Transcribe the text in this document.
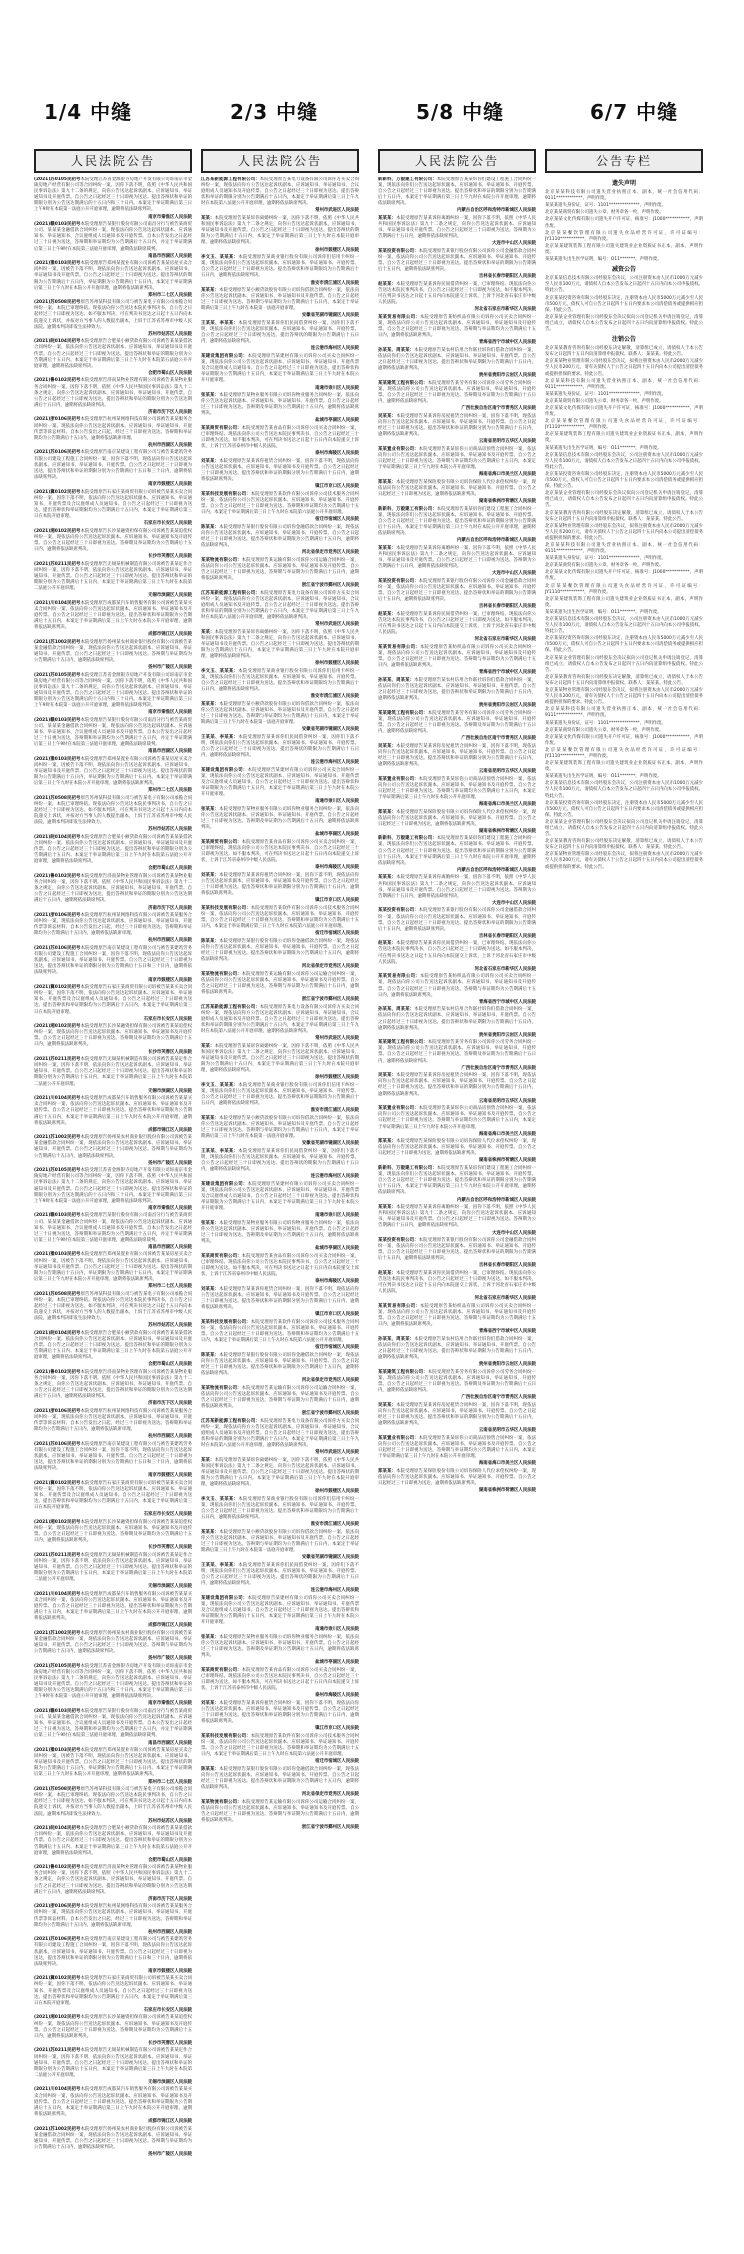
1/4 中缝	2/3 中缝	5/8 中缝	6/7 中缝
人民法院公告

(2021)苏0105民初号本院受理江苏省金源银寺房地产开发有限公司诉南京市金陵房地产经营有限公司等合同纠纷一案，因你下落不明，依照《中华人民共和国民事诉讼法》第九十二条的规定，向你公告送达起诉状副本、应诉通知书、举证通知书及开庭传票。自公告之日起经过三十日即视为送达。提出答辩状和举证的期限分别为公告送达期满后的十五日内和三十日内。本案定于举证期满后第三日上午9时在本院第一法庭公开开庭审理，逾期将依法缺席判决。

南京市秦淮区人民法院

(2021)赣0103民初号本院受理原告某银行股份有限公司南昌分行与被告某商贸公司、某某某金融借款合同纠纷一案，现依法向你公告送达起诉状副本、应诉通知书、举证通知书、合议庭组成人员通知书及开庭传票。自本公告发出之日起经过三十日视为送达，答辩期和举证期均为公告期满后十五日内，并定于举证期满后第三日上午9时在本院第三法庭开庭审理，逾期依法缺席裁判。

南昌市西湖区人民法院

(2021)豫0103民初号本院受理原告郑州某置业有限公司诉被告某某房屋买卖合同纠纷一案，因被告下落不明，现依法向你公告送达起诉状副本、应诉通知书、举证通知书及开庭传票。自公告之日起经过三十日即视为送达。提出答辩状的期限为公告期满后十五日内，举证期限为公告期满后十五日内。本案定于举证期满后第三日上午九时在本院公开开庭审理，逾期将依法缺席判决。

郑州市二七区人民法院

(2021)苏0508民初号原告苏州某科技有限公司与被告某电子有限公司承揽合同纠纷一案，本院已审理终结。现依法向你公告送达本院民事判决书，自公告之日起经过三十日即视为送达。如不服本判决，可在判决书送达之日起十五日内向本院递交上诉状，并按对方当事人的人数提出副本，上诉于江苏省苏州市中级人民法院。逾期本判决即发生法律效力。

苏州市姑苏区人民法院

(2021)皖0104民初号本院受理原告合肥某小额贷款有限公司诉被告某某某借款合同纠纷一案，依法向你公告送达起诉状副本、应诉通知书、举证通知书及开庭传票。自公告之日起经过三十日即视为送达。提出答辩状和举证的期限分别为公告期满后十五日内。本案定于举证期满后第三日上午九时在本院第五法庭公开开庭审理，逾期将依法缺席判决。

合肥市蜀山区人民法院

(2021)鲁0102民初号本院受理原告济南某物业管理有限公司诉被告某某物业服务合同纠纷一案，因你下落不明，依照《中华人民共和国民事诉讼法》第九十二条之规定，向你公告送达起诉状副本、应诉通知书、举证通知书、开庭传票。自公告之日起经过三十日即视为送达，提出答辩状和举证的期限分别为公告送达期满后十五日内，逾期将依法缺席判决。

济南市历下区人民法院

(2021)浙0106民初号本院受理原告杭州某网络科技有限公司诉被告某某服务合同纠纷一案，现依法向你公告送达起诉状副本、应诉通知书、举证通知书、开庭传票等诉讼材料。自本公告发出之日起，经过三十日即视为送达。答辩期和举证期均为公告期满后十五日内，逾期将依法缺席审理。

杭州市西湖区人民法院

(2021)苏0106民初号本院受理原告南京某建设工程有限公司与被告某建筑劳务有限公司建设工程施工合同纠纷一案，因你下落不明，现依法向你公告送达起诉状副本、应诉通知书、举证通知书、开庭传票。自公告之日起经过三十日即视为送达，提出答辩状和举证的期限分别为公告期满后十五日和三十日内，逾期将依法缺席判决。

南京市鼓楼区人民法院

(2021)冀0102民初号本院受理原告石家庄某商贸有限公司诉被告某某买卖合同纠纷一案，因你下落不明，依法向你公告送达起诉状副本、应诉通知书、举证通知书、开庭传票及合议庭组成人员通知书。自公告之日起经过三十日即视为送达。提出答辩状和举证期限均为公告期满后十五日内，本案定于举证期满后第三日在本院开庭审理。

石家庄市长安区人民法院

(2021)湘0102民初号本院受理原告长沙某融资担保有限公司诉被告某某追偿权纠纷一案，现依法向你公告送达起诉状副本、应诉通知书、举证通知书及开庭传票。自公告之日起经过三十日即视为送达。答辩期及举证期均为公告期满后十五日内，逾期将依法缺席判决。

长沙市芙蓉区人民法院

(2021)苏0211民初号本院受理原告无锡某机械制造有限公司诉被告某某定作合同纠纷一案，因你下落不明，依法向你公告送达起诉状副本、应诉通知书、举证通知书、开庭传票。自公告之日起经过三十日即视为送达。提出答辩状和举证的期限分别为公告期满后十五日内，本案定于举证期满后第三日上午九时在本院第二法庭公开开庭审理。

无锡市滨湖区人民法院

(2021)川0104民初号本院受理原告成都某汽车销售服务有限公司诉被告某某买卖合同纠纷一案，依法向你公告送达起诉状副本、应诉通知书、举证通知书及开庭传票。自公告之日起经过三十日即视为送达。提出答辩状和举证期限为公告期满后十五日内，本案定于举证期满后第三日上午九时在本院公开开庭审理，逾期将依法缺席判决。

成都市锦江区人民法院

(2021)苏1002民初号本院受理原告扬州某农村商业银行股份有限公司诉被告某某金融借款合同纠纷一案，现依法向你公告送达起诉状副本、应诉通知书、举证通知书、开庭传票。自公告之日起经过三十日即视为送达。答辩期与举证期均为公告期满后十五日内，逾期依法缺席判决。

扬州市广陵区人民法院

(2021)苏0105民初号本院受理江苏省金源银寺房地产开发有限公司诉南京市金陵房地产经营有限公司等合同纠纷一案，因你下落不明，依照《中华人民共和国民事诉讼法》第九十二条的规定，向你公告送达起诉状副本、应诉通知书、举证通知书及开庭传票。自公告之日起经过三十日即视为送达。提出答辩状和举证的期限分别为公告送达期满后的十五日内和三十日内。本案定于举证期满后第三日上午9时在本院第一法庭公开开庭审理，逾期将依法缺席判决。

南京市秦淮区人民法院

(2021)赣0103民初号本院受理原告某银行股份有限公司南昌分行与被告某商贸公司、某某某金融借款合同纠纷一案，现依法向你公告送达起诉状副本、应诉通知书、举证通知书、合议庭组成人员通知书及开庭传票。自本公告发出之日起经过三十日视为送达，答辩期和举证期均为公告期满后十五日内，并定于举证期满后第三日上午9时在本院第三法庭开庭审理，逾期依法缺席裁判。

南昌市西湖区人民法院

(2021)豫0103民初号本院受理原告郑州某置业有限公司诉被告某某房屋买卖合同纠纷一案，因被告下落不明，现依法向你公告送达起诉状副本、应诉通知书、举证通知书及开庭传票。自公告之日起经过三十日即视为送达。提出答辩状的期限为公告期满后十五日内，举证期限为公告期满后十五日内。本案定于举证期满后第三日上午九时在本院公开开庭审理，逾期将依法缺席判决。

郑州市二七区人民法院

(2021)苏0508民初号原告苏州某科技有限公司与被告某电子有限公司承揽合同纠纷一案，本院已审理终结。现依法向你公告送达本院民事判决书，自公告之日起经过三十日即视为送达。如不服本判决，可在判决书送达之日起十五日内向本院递交上诉状，并按对方当事人的人数提出副本，上诉于江苏省苏州市中级人民法院。逾期本判决即发生法律效力。

苏州市姑苏区人民法院

(2021)皖0104民初号本院受理原告合肥某小额贷款有限公司诉被告某某某借款合同纠纷一案，依法向你公告送达起诉状副本、应诉通知书、举证通知书及开庭传票。自公告之日起经过三十日即视为送达。提出答辩状和举证的期限分别为公告期满后十五日内。本案定于举证期满后第三日上午九时在本院第五法庭公开开庭审理，逾期将依法缺席判决。

合肥市蜀山区人民法院

(2021)鲁0102民初号本院受理原告济南某物业管理有限公司诉被告某某物业服务合同纠纷一案，因你下落不明，依照《中华人民共和国民事诉讼法》第九十二条之规定，向你公告送达起诉状副本、应诉通知书、举证通知书、开庭传票。自公告之日起经过三十日即视为送达，提出答辩状和举证的期限分别为公告送达期满后十五日内，逾期将依法缺席判决。

济南市历下区人民法院

(2021)浙0106民初号本院受理原告杭州某网络科技有限公司诉被告某某服务合同纠纷一案，现依法向你公告送达起诉状副本、应诉通知书、举证通知书、开庭传票等诉讼材料。自本公告发出之日起，经过三十日即视为送达。答辩期和举证期均为公告期满后十五日内，逾期将依法缺席审理。

杭州市西湖区人民法院

(2021)苏0106民初号本院受理原告南京某建设工程有限公司与被告某建筑劳务有限公司建设工程施工合同纠纷一案，因你下落不明，现依法向你公告送达起诉状副本、应诉通知书、举证通知书、开庭传票。自公告之日起经过三十日即视为送达，提出答辩状和举证的期限分别为公告期满后十五日和三十日内，逾期将依法缺席判决。

南京市鼓楼区人民法院

(2021)冀0102民初号本院受理原告石家庄某商贸有限公司诉被告某某买卖合同纠纷一案，因你下落不明，依法向你公告送达起诉状副本、应诉通知书、举证通知书、开庭传票及合议庭组成人员通知书。自公告之日起经过三十日即视为送达。提出答辩状和举证期限均为公告期满后十五日内，本案定于举证期满后第三日在本院开庭审理。

石家庄市长安区人民法院

(2021)湘0102民初号本院受理原告长沙某融资担保有限公司诉被告某某追偿权纠纷一案，现依法向你公告送达起诉状副本、应诉通知书、举证通知书及开庭传票。自公告之日起经过三十日即视为送达。答辩期及举证期均为公告期满后十五日内，逾期将依法缺席判决。

长沙市芙蓉区人民法院

(2021)苏0211民初号本院受理原告无锡某机械制造有限公司诉被告某某定作合同纠纷一案，因你下落不明，依法向你公告送达起诉状副本、应诉通知书、举证通知书、开庭传票。自公告之日起经过三十日即视为送达。提出答辩状和举证的期限分别为公告期满后十五日内，本案定于举证期满后第三日上午九时在本院第二法庭公开开庭审理。

无锡市滨湖区人民法院

(2021)川0104民初号本院受理原告成都某汽车销售服务有限公司诉被告某某买卖合同纠纷一案，依法向你公告送达起诉状副本、应诉通知书、举证通知书及开庭传票。自公告之日起经过三十日即视为送达。提出答辩状和举证期限为公告期满后十五日内，本案定于举证期满后第三日上午九时在本院公开开庭审理，逾期将依法缺席判决。

成都市锦江区人民法院

(2021)苏1002民初号本院受理原告扬州某农村商业银行股份有限公司诉被告某某金融借款合同纠纷一案，现依法向你公告送达起诉状副本、应诉通知书、举证通知书、开庭传票。自公告之日起经过三十日即视为送达。答辩期与举证期均为公告期满后十五日内，逾期依法缺席判决。

扬州市广陵区人民法院

(2021)苏0105民初号本院受理江苏省金源银寺房地产开发有限公司诉南京市金陵房地产经营有限公司等合同纠纷一案，因你下落不明，依照《中华人民共和国民事诉讼法》第九十二条的规定，向你公告送达起诉状副本、应诉通知书、举证通知书及开庭传票。自公告之日起经过三十日即视为送达。提出答辩状和举证的期限分别为公告送达期满后的十五日内和三十日内。本案定于举证期满后第三日上午9时在本院第一法庭公开开庭审理，逾期将依法缺席判决。

南京市秦淮区人民法院

(2021)赣0103民初号本院受理原告某银行股份有限公司南昌分行与被告某商贸公司、某某某金融借款合同纠纷一案，现依法向你公告送达起诉状副本、应诉通知书、举证通知书、合议庭组成人员通知书及开庭传票。自本公告发出之日起经过三十日视为送达，答辩期和举证期均为公告期满后十五日内，并定于举证期满后第三日上午9时在本院第三法庭开庭审理，逾期依法缺席裁判。

南昌市西湖区人民法院

(2021)豫0103民初号本院受理原告郑州某置业有限公司诉被告某某房屋买卖合同纠纷一案，因被告下落不明，现依法向你公告送达起诉状副本、应诉通知书、举证通知书及开庭传票。自公告之日起经过三十日即视为送达。提出答辩状的期限为公告期满后十五日内，举证期限为公告期满后十五日内。本案定于举证期满后第三日上午九时在本院公开开庭审理，逾期将依法缺席判决。

郑州市二七区人民法院

(2021)苏0508民初号原告苏州某科技有限公司与被告某电子有限公司承揽合同纠纷一案，本院已审理终结。现依法向你公告送达本院民事判决书，自公告之日起经过三十日即视为送达。如不服本判决，可在判决书送达之日起十五日内向本院递交上诉状，并按对方当事人的人数提出副本，上诉于江苏省苏州市中级人民法院。逾期本判决即发生法律效力。

苏州市姑苏区人民法院

(2021)皖0104民初号本院受理原告合肥某小额贷款有限公司诉被告某某某借款合同纠纷一案，依法向你公告送达起诉状副本、应诉通知书、举证通知书及开庭传票。自公告之日起经过三十日即视为送达。提出答辩状和举证的期限分别为公告期满后十五日内。本案定于举证期满后第三日上午九时在本院第五法庭公开开庭审理，逾期将依法缺席判决。

合肥市蜀山区人民法院

(2021)鲁0102民初号本院受理原告济南某物业管理有限公司诉被告某某物业服务合同纠纷一案，因你下落不明，依照《中华人民共和国民事诉讼法》第九十二条之规定，向你公告送达起诉状副本、应诉通知书、举证通知书、开庭传票。自公告之日起经过三十日即视为送达，提出答辩状和举证的期限分别为公告送达期满后十五日内，逾期将依法缺席判决。

济南市历下区人民法院

(2021)浙0106民初号本院受理原告杭州某网络科技有限公司诉被告某某服务合同纠纷一案，现依法向你公告送达起诉状副本、应诉通知书、举证通知书、开庭传票等诉讼材料。自本公告发出之日起，经过三十日即视为送达。答辩期和举证期均为公告期满后十五日内，逾期将依法缺席审理。

杭州市西湖区人民法院

(2021)苏0106民初号本院受理原告南京某建设工程有限公司与被告某建筑劳务有限公司建设工程施工合同纠纷一案，因你下落不明，现依法向你公告送达起诉状副本、应诉通知书、举证通知书、开庭传票。自公告之日起经过三十日即视为送达，提出答辩状和举证的期限分别为公告期满后十五日和三十日内，逾期将依法缺席判决。

南京市鼓楼区人民法院

(2021)冀0102民初号本院受理原告石家庄某商贸有限公司诉被告某某买卖合同纠纷一案，因你下落不明，依法向你公告送达起诉状副本、应诉通知书、举证通知书、开庭传票及合议庭组成人员通知书。自公告之日起经过三十日即视为送达。提出答辩状和举证期限均为公告期满后十五日内，本案定于举证期满后第三日在本院开庭审理。

石家庄市长安区人民法院

(2021)湘0102民初号本院受理原告长沙某融资担保有限公司诉被告某某追偿权纠纷一案，现依法向你公告送达起诉状副本、应诉通知书、举证通知书及开庭传票。自公告之日起经过三十日即视为送达。答辩期及举证期均为公告期满后十五日内，逾期将依法缺席判决。

长沙市芙蓉区人民法院

(2021)苏0211民初号本院受理原告无锡某机械制造有限公司诉被告某某定作合同纠纷一案，因你下落不明，依法向你公告送达起诉状副本、应诉通知书、举证通知书、开庭传票。自公告之日起经过三十日即视为送达。提出答辩状和举证的期限分别为公告期满后十五日内，本案定于举证期满后第三日上午九时在本院第二法庭公开开庭审理。

无锡市滨湖区人民法院

(2021)川0104民初号本院受理原告成都某汽车销售服务有限公司诉被告某某买卖合同纠纷一案，依法向你公告送达起诉状副本、应诉通知书、举证通知书及开庭传票。自公告之日起经过三十日即视为送达。提出答辩状和举证期限为公告期满后十五日内，本案定于举证期满后第三日上午九时在本院公开开庭审理，逾期将依法缺席判决。

成都市锦江区人民法院

(2021)苏1002民初号本院受理原告扬州某农村商业银行股份有限公司诉被告某某金融借款合同纠纷一案，现依法向你公告送达起诉状副本、应诉通知书、举证通知书、开庭传票。自公告之日起经过三十日即视为送达。答辩期与举证期均为公告期满后十五日内，逾期依法缺席判决。

扬州市广陵区人民法院

(2021)苏0105民初号本院受理江苏省金源银寺房地产开发有限公司诉南京市金陵房地产经营有限公司等合同纠纷一案，因你下落不明，依照《中华人民共和国民事诉讼法》第九十二条的规定，向你公告送达起诉状副本、应诉通知书、举证通知书及开庭传票。自公告之日起经过三十日即视为送达。提出答辩状和举证的期限分别为公告送达期满后的十五日内和三十日内。本案定于举证期满后第三日上午9时在本院第一法庭公开开庭审理，逾期将依法缺席判决。

南京市秦淮区人民法院

(2021)赣0103民初号本院受理原告某银行股份有限公司南昌分行与被告某商贸公司、某某某金融借款合同纠纷一案，现依法向你公告送达起诉状副本、应诉通知书、举证通知书、合议庭组成人员通知书及开庭传票。自本公告发出之日起经过三十日视为送达，答辩期和举证期均为公告期满后十五日内，并定于举证期满后第三日上午9时在本院第三法庭开庭审理，逾期依法缺席裁判。

南昌市西湖区人民法院

(2021)豫0103民初号本院受理原告郑州某置业有限公司诉被告某某房屋买卖合同纠纷一案，因被告下落不明，现依法向你公告送达起诉状副本、应诉通知书、举证通知书及开庭传票。自公告之日起经过三十日即视为送达。提出答辩状的期限为公告期满后十五日内，举证期限为公告期满后十五日内。本案定于举证期满后第三日上午九时在本院公开开庭审理，逾期将依法缺席判决。

郑州市二七区人民法院

(2021)苏0508民初号原告苏州某科技有限公司与被告某电子有限公司承揽合同纠纷一案，本院已审理终结。现依法向你公告送达本院民事判决书，自公告之日起经过三十日即视为送达。如不服本判决，可在判决书送达之日起十五日内向本院递交上诉状，并按对方当事人的人数提出副本，上诉于江苏省苏州市中级人民法院。逾期本判决即发生法律效力。

苏州市姑苏区人民法院

(2021)皖0104民初号本院受理原告合肥某小额贷款有限公司诉被告某某某借款合同纠纷一案，依法向你公告送达起诉状副本、应诉通知书、举证通知书及开庭传票。自公告之日起经过三十日即视为送达。提出答辩状和举证的期限分别为公告期满后十五日内。本案定于举证期满后第三日上午九时在本院第五法庭公开开庭审理，逾期将依法缺席判决。

合肥市蜀山区人民法院

(2021)鲁0102民初号本院受理原告济南某物业管理有限公司诉被告某某物业服务合同纠纷一案，因你下落不明，依照《中华人民共和国民事诉讼法》第九十二条之规定，向你公告送达起诉状副本、应诉通知书、举证通知书、开庭传票。自公告之日起经过三十日即视为送达，提出答辩状和举证的期限分别为公告送达期满后十五日内，逾期将依法缺席判决。

济南市历下区人民法院

(2021)浙0106民初号本院受理原告杭州某网络科技有限公司诉被告某某服务合同纠纷一案，现依法向你公告送达起诉状副本、应诉通知书、举证通知书、开庭传票等诉讼材料。自本公告发出之日起，经过三十日即视为送达。答辩期和举证期均为公告期满后十五日内，逾期将依法缺席审理。

杭州市西湖区人民法院

(2021)苏0106民初号本院受理原告南京某建设工程有限公司与被告某建筑劳务有限公司建设工程施工合同纠纷一案，因你下落不明，现依法向你公告送达起诉状副本、应诉通知书、举证通知书、开庭传票。自公告之日起经过三十日即视为送达，提出答辩状和举证的期限分别为公告期满后十五日和三十日内，逾期将依法缺席判决。

南京市鼓楼区人民法院

(2021)冀0102民初号本院受理原告石家庄某商贸有限公司诉被告某某买卖合同纠纷一案，因你下落不明，依法向你公告送达起诉状副本、应诉通知书、举证通知书、开庭传票及合议庭组成人员通知书。自公告之日起经过三十日即视为送达。提出答辩状和举证期限均为公告期满后十五日内，本案定于举证期满后第三日在本院开庭审理。

石家庄市长安区人民法院

(2021)湘0102民初号本院受理原告长沙某融资担保有限公司诉被告某某追偿权纠纷一案，现依法向你公告送达起诉状副本、应诉通知书、举证通知书及开庭传票。自公告之日起经过三十日即视为送达。答辩期及举证期均为公告期满后十五日内，逾期将依法缺席判决。

长沙市芙蓉区人民法院

(2021)苏0211民初号本院受理原告无锡某机械制造有限公司诉被告某某定作合同纠纷一案，因你下落不明，依法向你公告送达起诉状副本、应诉通知书、举证通知书、开庭传票。自公告之日起经过三十日即视为送达。提出答辩状和举证的期限分别为公告期满后十五日内，本案定于举证期满后第三日上午九时在本院第二法庭公开开庭审理。

无锡市滨湖区人民法院

(2021)川0104民初号本院受理原告成都某汽车销售服务有限公司诉被告某某买卖合同纠纷一案，依法向你公告送达起诉状副本、应诉通知书、举证通知书及开庭传票。自公告之日起经过三十日即视为送达。提出答辩状和举证期限为公告期满后十五日内，本案定于举证期满后第三日上午九时在本院公开开庭审理，逾期将依法缺席判决。

成都市锦江区人民法院

(2021)苏1002民初号本院受理原告扬州某农村商业银行股份有限公司诉被告某某金融借款合同纠纷一案，现依法向你公告送达起诉状副本、应诉通知书、举证通知书、开庭传票。自公告之日起经过三十日即视为送达。答辩期与举证期均为公告期满后十五日内，逾期依法缺席判决。

扬州市广陵区人民法院
人民法院公告

江苏某新能源工程有限公司：本院受理原告某电力设备有限公司诉你方买卖合同纠纷一案，现依法向你方公告送达起诉状副本、应诉通知书、举证通知书、合议庭组成人员通知书及开庭传票。自公告之日起经过三十日即视为送达。提出答辩状和举证的期限分别为公告期满后十五日内，本案定于举证期满后第三日上午九时在本院第八法庭公开开庭审理，逾期将依法缺席判决。

常州市武进区人民法院

某某：本院受理原告某某诉你离婚纠纷一案，因你下落不明，依照《中华人民共和国民事诉讼法》第九十二条之规定，向你公告送达起诉状副本、应诉通知书、举证通知书及开庭传票。自公告之日起经过三十日即视为送达。提出答辩状的期限为公告期满后十五日内，本案定于举证期满后第三日上午九时在本院开庭审理，逾期将依法缺席判决。

徐州市鼓楼区人民法院

李文玉、某某某：本院受理原告某商业银行股份有限公司诉你们信用卡纠纷一案，现依法向你们公告送达起诉状副本、应诉通知书、举证通知书、开庭传票。自公告之日起经过三十日即视为送达。提出答辩状和举证期限均为公告期满后十五日内，逾期将依法缺席判决。

淮安市清江浦区人民法院

某某某：本院受理原告某小额贷款股份有限公司诉你借款合同纠纷一案，依法向你公告送达起诉状副本、应诉通知书、举证通知书及开庭传票。自公告之日起经过三十日即视为送达。答辩期与举证期均为公告期满后十五日内，本案定于举证期满后第三日上午九时在本院第一法庭开庭审理。

安徽省芜湖市镜湖区人民法院

王某某、李某某：本院受理原告某某诉你们民间借贷纠纷一案，因你们下落不明，现依法向你们公告送达起诉状副本、应诉通知书、举证通知书、开庭传票。自公告之日起经过三十日即视为送达。提出答辩状的期限为公告期满后十五日内，逾期将依法缺席判决。

连云港市海州区人民法院

某建设集团有限公司：本院受理原告某建材有限公司诉你公司买卖合同纠纷一案，现依法向你公司公告送达起诉状副本、应诉通知书、举证通知书、开庭传票及合议庭组成人员通知书。自公告之日起经过三十日即视为送达。提出答辩状和举证期限为公告期满后十五日内，本案定于举证期满后第三日上午九时在本院公开开庭审理。

南通市崇川区人民法院

张某某：本院受理原告某物业服务有限公司诉你物业服务合同纠纷一案，依法向你公告送达起诉状副本、应诉通知书、举证通知书、开庭传票。自公告之日起经过三十日即视为送达。答辩期及举证期为公告期满后十五日内，逾期将依法缺席判决。

盐城市亭湖区人民法院

某某商贸有限公司：本院受理原告某食品有限公司诉你公司买卖合同纠纷一案，已审理终结。现依法向你公司公告送达本院民事判决书，自公告之日起经过三十日即视为送达。如不服本判决，可在判决书送达之日起十五日内向本院递交上诉状，上诉于江苏省泰州市中级人民法院。

泰州市海陵区人民法院

刘某某：本院受理原告某某诉你租赁合同纠纷一案，因你下落不明，现依法向你公告送达起诉状副本、应诉通知书、举证通知书及开庭传票。自公告之日起经过三十日即视为送达。提出答辩状和举证的期限分别为公告期满后十五日内，逾期将依法缺席判决。

镇江市京口区人民法院

某某科技发展有限公司：本院受理原告某软件有限公司诉你公司技术服务合同纠纷一案，依法向你公司公告送达起诉状副本、应诉通知书、举证通知书、开庭传票。自公告之日起经过三十日即视为送达。答辩期和举证期均为公告期满后十五日内，本案定于举证期满后第三日上午九时在本院第六法庭公开开庭审理。

宿迁市宿城区人民法院

陈某某：本院受理原告某银行股份有限公司诉你金融借款合同纠纷一案，现依法向你公告送达起诉状副本、应诉通知书、举证通知书、开庭传票。自公告之日起经过三十日即视为送达。提出答辩状和举证期限为公告期满后十五日内，逾期将依法缺席判决。

河北省保定市竞秀区人民法院

某某物流有限公司：本院受理原告某运输有限公司诉你公司运输合同纠纷一案，依法向你公司公告送达起诉状副本、应诉通知书、举证通知书及开庭传票。自公告之日起经过三十日即视为送达，答辩期与举证期为公告期满后十五日内，逾期将依法缺席判决。

浙江省宁波市鄞州区人民法院

江苏某新能源工程有限公司：本院受理原告某电力设备有限公司诉你方买卖合同纠纷一案，现依法向你方公告送达起诉状副本、应诉通知书、举证通知书、合议庭组成人员通知书及开庭传票。自公告之日起经过三十日即视为送达。提出答辩状和举证的期限分别为公告期满后十五日内，本案定于举证期满后第三日上午九时在本院第八法庭公开开庭审理，逾期将依法缺席判决。

常州市武进区人民法院

某某：本院受理原告某某诉你离婚纠纷一案，因你下落不明，依照《中华人民共和国民事诉讼法》第九十二条之规定，向你公告送达起诉状副本、应诉通知书、举证通知书及开庭传票。自公告之日起经过三十日即视为送达。提出答辩状的期限为公告期满后十五日内，本案定于举证期满后第三日上午九时在本院开庭审理，逾期将依法缺席判决。

徐州市鼓楼区人民法院

李文玉、某某某：本院受理原告某商业银行股份有限公司诉你们信用卡纠纷一案，现依法向你们公告送达起诉状副本、应诉通知书、举证通知书、开庭传票。自公告之日起经过三十日即视为送达。提出答辩状和举证期限均为公告期满后十五日内，逾期将依法缺席判决。

淮安市清江浦区人民法院

某某某：本院受理原告某小额贷款股份有限公司诉你借款合同纠纷一案，依法向你公告送达起诉状副本、应诉通知书、举证通知书及开庭传票。自公告之日起经过三十日即视为送达。答辩期与举证期均为公告期满后十五日内，本案定于举证期满后第三日上午九时在本院第一法庭开庭审理。

安徽省芜湖市镜湖区人民法院

王某某、李某某：本院受理原告某某诉你们民间借贷纠纷一案，因你们下落不明，现依法向你们公告送达起诉状副本、应诉通知书、举证通知书、开庭传票。自公告之日起经过三十日即视为送达。提出答辩状的期限为公告期满后十五日内，逾期将依法缺席判决。

连云港市海州区人民法院

某建设集团有限公司：本院受理原告某建材有限公司诉你公司买卖合同纠纷一案，现依法向你公司公告送达起诉状副本、应诉通知书、举证通知书、开庭传票及合议庭组成人员通知书。自公告之日起经过三十日即视为送达。提出答辩状和举证期限为公告期满后十五日内，本案定于举证期满后第三日上午九时在本院公开开庭审理。

南通市崇川区人民法院

张某某：本院受理原告某物业服务有限公司诉你物业服务合同纠纷一案，依法向你公告送达起诉状副本、应诉通知书、举证通知书、开庭传票。自公告之日起经过三十日即视为送达。答辩期及举证期为公告期满后十五日内，逾期将依法缺席判决。

盐城市亭湖区人民法院

某某商贸有限公司：本院受理原告某食品有限公司诉你公司买卖合同纠纷一案，已审理终结。现依法向你公司公告送达本院民事判决书，自公告之日起经过三十日即视为送达。如不服本判决，可在判决书送达之日起十五日内向本院递交上诉状，上诉于江苏省泰州市中级人民法院。

泰州市海陵区人民法院

刘某某：本院受理原告某某诉你租赁合同纠纷一案，因你下落不明，现依法向你公告送达起诉状副本、应诉通知书、举证通知书及开庭传票。自公告之日起经过三十日即视为送达。提出答辩状和举证的期限分别为公告期满后十五日内，逾期将依法缺席判决。

镇江市京口区人民法院

某某科技发展有限公司：本院受理原告某软件有限公司诉你公司技术服务合同纠纷一案，依法向你公司公告送达起诉状副本、应诉通知书、举证通知书、开庭传票。自公告之日起经过三十日即视为送达。答辩期和举证期均为公告期满后十五日内，本案定于举证期满后第三日上午九时在本院第六法庭公开开庭审理。

宿迁市宿城区人民法院

陈某某：本院受理原告某银行股份有限公司诉你金融借款合同纠纷一案，现依法向你公告送达起诉状副本、应诉通知书、举证通知书、开庭传票。自公告之日起经过三十日即视为送达。提出答辩状和举证期限为公告期满后十五日内，逾期将依法缺席判决。

河北省保定市竞秀区人民法院

某某物流有限公司：本院受理原告某运输有限公司诉你公司运输合同纠纷一案，依法向你公司公告送达起诉状副本、应诉通知书、举证通知书及开庭传票。自公告之日起经过三十日即视为送达，答辩期与举证期为公告期满后十五日内，逾期将依法缺席判决。

浙江省宁波市鄞州区人民法院

江苏某新能源工程有限公司：本院受理原告某电力设备有限公司诉你方买卖合同纠纷一案，现依法向你方公告送达起诉状副本、应诉通知书、举证通知书、合议庭组成人员通知书及开庭传票。自公告之日起经过三十日即视为送达。提出答辩状和举证的期限分别为公告期满后十五日内，本案定于举证期满后第三日上午九时在本院第八法庭公开开庭审理，逾期将依法缺席判决。

常州市武进区人民法院

某某：本院受理原告某某诉你离婚纠纷一案，因你下落不明，依照《中华人民共和国民事诉讼法》第九十二条之规定，向你公告送达起诉状副本、应诉通知书、举证通知书及开庭传票。自公告之日起经过三十日即视为送达。提出答辩状的期限为公告期满后十五日内，本案定于举证期满后第三日上午九时在本院开庭审理，逾期将依法缺席判决。

徐州市鼓楼区人民法院

李文玉、某某某：本院受理原告某商业银行股份有限公司诉你们信用卡纠纷一案，现依法向你们公告送达起诉状副本、应诉通知书、举证通知书、开庭传票。自公告之日起经过三十日即视为送达。提出答辩状和举证期限均为公告期满后十五日内，逾期将依法缺席判决。

淮安市清江浦区人民法院

某某某：本院受理原告某小额贷款股份有限公司诉你借款合同纠纷一案，依法向你公告送达起诉状副本、应诉通知书、举证通知书及开庭传票。自公告之日起经过三十日即视为送达。答辩期与举证期均为公告期满后十五日内，本案定于举证期满后第三日上午九时在本院第一法庭开庭审理。

安徽省芜湖市镜湖区人民法院

王某某、李某某：本院受理原告某某诉你们民间借贷纠纷一案，因你们下落不明，现依法向你们公告送达起诉状副本、应诉通知书、举证通知书、开庭传票。自公告之日起经过三十日即视为送达。提出答辩状的期限为公告期满后十五日内，逾期将依法缺席判决。

连云港市海州区人民法院

某建设集团有限公司：本院受理原告某建材有限公司诉你公司买卖合同纠纷一案，现依法向你公司公告送达起诉状副本、应诉通知书、举证通知书、开庭传票及合议庭组成人员通知书。自公告之日起经过三十日即视为送达。提出答辩状和举证期限为公告期满后十五日内，本案定于举证期满后第三日上午九时在本院公开开庭审理。

南通市崇川区人民法院

张某某：本院受理原告某物业服务有限公司诉你物业服务合同纠纷一案，依法向你公告送达起诉状副本、应诉通知书、举证通知书、开庭传票。自公告之日起经过三十日即视为送达。答辩期及举证期为公告期满后十五日内，逾期将依法缺席判决。

盐城市亭湖区人民法院

某某商贸有限公司：本院受理原告某食品有限公司诉你公司买卖合同纠纷一案，已审理终结。现依法向你公司公告送达本院民事判决书，自公告之日起经过三十日即视为送达。如不服本判决，可在判决书送达之日起十五日内向本院递交上诉状，上诉于江苏省泰州市中级人民法院。

泰州市海陵区人民法院

刘某某：本院受理原告某某诉你租赁合同纠纷一案，因你下落不明，现依法向你公告送达起诉状副本、应诉通知书、举证通知书及开庭传票。自公告之日起经过三十日即视为送达。提出答辩状和举证的期限分别为公告期满后十五日内，逾期将依法缺席判决。

镇江市京口区人民法院

某某科技发展有限公司：本院受理原告某软件有限公司诉你公司技术服务合同纠纷一案，依法向你公司公告送达起诉状副本、应诉通知书、举证通知书、开庭传票。自公告之日起经过三十日即视为送达。答辩期和举证期均为公告期满后十五日内，本案定于举证期满后第三日上午九时在本院第六法庭公开开庭审理。

宿迁市宿城区人民法院

陈某某：本院受理原告某银行股份有限公司诉你金融借款合同纠纷一案，现依法向你公告送达起诉状副本、应诉通知书、举证通知书、开庭传票。自公告之日起经过三十日即视为送达。提出答辩状和举证期限为公告期满后十五日内，逾期将依法缺席判决。

河北省保定市竞秀区人民法院

某某物流有限公司：本院受理原告某运输有限公司诉你公司运输合同纠纷一案，依法向你公司公告送达起诉状副本、应诉通知书、举证通知书及开庭传票。自公告之日起经过三十日即视为送达，答辩期与举证期为公告期满后十五日内，逾期将依法缺席判决。

浙江省宁波市鄞州区人民法院

江苏某新能源工程有限公司：本院受理原告某电力设备有限公司诉你方买卖合同纠纷一案，现依法向你方公告送达起诉状副本、应诉通知书、举证通知书、合议庭组成人员通知书及开庭传票。自公告之日起经过三十日即视为送达。提出答辩状和举证的期限分别为公告期满后十五日内，本案定于举证期满后第三日上午九时在本院第八法庭公开开庭审理，逾期将依法缺席判决。

常州市武进区人民法院

某某：本院受理原告某某诉你离婚纠纷一案，因你下落不明，依照《中华人民共和国民事诉讼法》第九十二条之规定，向你公告送达起诉状副本、应诉通知书、举证通知书及开庭传票。自公告之日起经过三十日即视为送达。提出答辩状的期限为公告期满后十五日内，本案定于举证期满后第三日上午九时在本院开庭审理，逾期将依法缺席判决。

徐州市鼓楼区人民法院

李文玉、某某某：本院受理原告某商业银行股份有限公司诉你们信用卡纠纷一案，现依法向你们公告送达起诉状副本、应诉通知书、举证通知书、开庭传票。自公告之日起经过三十日即视为送达。提出答辩状和举证期限均为公告期满后十五日内，逾期将依法缺席判决。

淮安市清江浦区人民法院

某某某：本院受理原告某小额贷款股份有限公司诉你借款合同纠纷一案，依法向你公告送达起诉状副本、应诉通知书、举证通知书及开庭传票。自公告之日起经过三十日即视为送达。答辩期与举证期均为公告期满后十五日内，本案定于举证期满后第三日上午九时在本院第一法庭开庭审理。

安徽省芜湖市镜湖区人民法院

王某某、李某某：本院受理原告某某诉你们民间借贷纠纷一案，因你们下落不明，现依法向你们公告送达起诉状副本、应诉通知书、举证通知书、开庭传票。自公告之日起经过三十日即视为送达。提出答辩状的期限为公告期满后十五日内，逾期将依法缺席判决。

连云港市海州区人民法院

某建设集团有限公司：本院受理原告某建材有限公司诉你公司买卖合同纠纷一案，现依法向你公司公告送达起诉状副本、应诉通知书、举证通知书、开庭传票及合议庭组成人员通知书。自公告之日起经过三十日即视为送达。提出答辩状和举证期限为公告期满后十五日内，本案定于举证期满后第三日上午九时在本院公开开庭审理。

南通市崇川区人民法院

张某某：本院受理原告某物业服务有限公司诉你物业服务合同纠纷一案，依法向你公告送达起诉状副本、应诉通知书、举证通知书、开庭传票。自公告之日起经过三十日即视为送达。答辩期及举证期为公告期满后十五日内，逾期将依法缺席判决。

盐城市亭湖区人民法院

某某商贸有限公司：本院受理原告某食品有限公司诉你公司买卖合同纠纷一案，已审理终结。现依法向你公司公告送达本院民事判决书，自公告之日起经过三十日即视为送达。如不服本判决，可在判决书送达之日起十五日内向本院递交上诉状，上诉于江苏省泰州市中级人民法院。

泰州市海陵区人民法院

刘某某：本院受理原告某某诉你租赁合同纠纷一案，因你下落不明，现依法向你公告送达起诉状副本、应诉通知书、举证通知书及开庭传票。自公告之日起经过三十日即视为送达。提出答辩状和举证的期限分别为公告期满后十五日内，逾期将依法缺席判决。

镇江市京口区人民法院

某某科技发展有限公司：本院受理原告某软件有限公司诉你公司技术服务合同纠纷一案，依法向你公司公告送达起诉状副本、应诉通知书、举证通知书、开庭传票。自公告之日起经过三十日即视为送达。答辩期和举证期均为公告期满后十五日内，本案定于举证期满后第三日上午九时在本院第六法庭公开开庭审理。

宿迁市宿城区人民法院

陈某某：本院受理原告某银行股份有限公司诉你金融借款合同纠纷一案，现依法向你公告送达起诉状副本、应诉通知书、举证通知书、开庭传票。自公告之日起经过三十日即视为送达。提出答辩状和举证期限为公告期满后十五日内，逾期将依法缺席判决。

河北省保定市竞秀区人民法院

某某物流有限公司：本院受理原告某运输有限公司诉你公司运输合同纠纷一案，依法向你公司公告送达起诉状副本、应诉通知书、举证通知书及开庭传票。自公告之日起经过三十日即视为送达，答辩期与举证期为公告期满后十五日内，逾期将依法缺席判决。

浙江省宁波市鄞州区人民法院
人民法院公告

新新科、万毅建工有限公司：本院受理原告某某诉你们建设工程施工合同纠纷一案，现依法向你们公告送达起诉状副本、应诉通知书、举证通知书、开庭传票。自公告之日起经过三十日即视为送达。提出答辩状和举证的期限分别为公告期满后十五日内，本案定于举证期满后第三日上午九时在本院公开开庭审理，逾期将依法缺席判决。

内蒙古自治区呼和浩特市新城区人民法院

某某某：本院受理原告某某诉你离婚纠纷一案，因你下落不明，依照《中华人民共和国民事诉讼法》第九十二条之规定，向你公告送达起诉状副本、应诉通知书、举证通知书及开庭传票。自公告之日起经过三十日即视为送达。答辩期为公告期满后十五日内，逾期将依法缺席判决。

大连市中山区人民法院

某某投资有限公司：本院受理原告某银行股份有限公司诉你公司金融借款合同纠纷一案，依法向你公司公告送达起诉状副本、应诉通知书、举证通知书、开庭传票。自公告之日起经过三十日即视为送达。提出答辩状和举证的期限为公告期满后十五日内，逾期将依法缺席判决。

吉林省长春市朝阳区人民法院

赵某某：本院受理原告某某诉你民间借贷纠纷一案，已审理终结。现依法向你公告送达本院民事判决书，自公告之日起经过三十日即视为送达。如不服本判决，可在判决书送达之日起十五日内向本院递交上诉状，上诉于河北省石家庄市中级人民法院。

河北省石家庄市新华区人民法院

某某贸易有限公司：本院受理原告某纺织品有限公司诉你公司买卖合同纠纷一案，现依法向你公司公告送达起诉状副本、应诉通知书、举证通知书及开庭传票。自公告之日起经过三十日即视为送达。答辩期与举证期均为公告期满后十五日内，逾期将依法缺席判决。

青海省西宁市城中区人民法院

孙某某、周某某：本院受理原告某农村信用合作联社诉你们借款合同纠纷一案，依法向你们公告送达起诉状副本、应诉通知书、举证通知书、开庭传票。自公告之日起经过三十日即视为送达。提出答辩状和举证期限为公告期满后十五日内，逾期将依法缺席判决。

贵州省贵阳市云岩区人民法院

某某建筑工程有限公司：本院受理原告某劳务有限公司诉你公司劳务合同纠纷一案，现依法向你公司公告送达起诉状副本、应诉通知书、举证通知书、开庭传票。自公告之日起经过三十日即视为送达。答辩期及举证期为公告期满后十五日内，逾期将依法缺席判决。

广西壮族自治区南宁市青秀区人民法院

吴某某：本院受理原告某某诉你房屋租赁合同纠纷一案，因你下落不明，现依法向你公告送达起诉状副本、应诉通知书、举证通知书、开庭传票。自公告之日起经过三十日即视为送达。提出答辩状和举证的期限分别为公告期满后十五日内，逾期将依法缺席判决。

云南省昆明市五华区人民法院

某某置业有限公司：本院受理原告某某诉你公司商品房预售合同纠纷一案，依法向你公司公告送达起诉状副本、应诉通知书、举证通知书及开庭传票。自公告之日起经过三十日即视为送达。答辩期与举证期均为公告期满后十五日内，本案定于举证期满后第三日上午九时在本院公开开庭审理。

海南省海口市美兰区人民法院

郑某某：本院受理原告某保险股份有限公司诉你保险人代位求偿权纠纷一案，现依法向你公告送达起诉状副本、应诉通知书、举证通知书、开庭传票。自公告之日起经过三十日即视为送达，逾期将依法缺席判决。

湖南省株洲市荷塘区人民法院

新新科、万毅建工有限公司：本院受理原告某某诉你们建设工程施工合同纠纷一案，现依法向你们公告送达起诉状副本、应诉通知书、举证通知书、开庭传票。自公告之日起经过三十日即视为送达。提出答辩状和举证的期限分别为公告期满后十五日内，本案定于举证期满后第三日上午九时在本院公开开庭审理，逾期将依法缺席判决。

内蒙古自治区呼和浩特市新城区人民法院

某某某：本院受理原告某某诉你离婚纠纷一案，因你下落不明，依照《中华人民共和国民事诉讼法》第九十二条之规定，向你公告送达起诉状副本、应诉通知书、举证通知书及开庭传票。自公告之日起经过三十日即视为送达。答辩期为公告期满后十五日内，逾期将依法缺席判决。

大连市中山区人民法院

某某投资有限公司：本院受理原告某银行股份有限公司诉你公司金融借款合同纠纷一案，依法向你公司公告送达起诉状副本、应诉通知书、举证通知书、开庭传票。自公告之日起经过三十日即视为送达。提出答辩状和举证的期限为公告期满后十五日内，逾期将依法缺席判决。

吉林省长春市朝阳区人民法院

赵某某：本院受理原告某某诉你民间借贷纠纷一案，已审理终结。现依法向你公告送达本院民事判决书，自公告之日起经过三十日即视为送达。如不服本判决，可在判决书送达之日起十五日内向本院递交上诉状，上诉于河北省石家庄市中级人民法院。

河北省石家庄市新华区人民法院

某某贸易有限公司：本院受理原告某纺织品有限公司诉你公司买卖合同纠纷一案，现依法向你公司公告送达起诉状副本、应诉通知书、举证通知书及开庭传票。自公告之日起经过三十日即视为送达。答辩期与举证期均为公告期满后十五日内，逾期将依法缺席判决。

青海省西宁市城中区人民法院

孙某某、周某某：本院受理原告某农村信用合作联社诉你们借款合同纠纷一案，依法向你们公告送达起诉状副本、应诉通知书、举证通知书、开庭传票。自公告之日起经过三十日即视为送达。提出答辩状和举证期限为公告期满后十五日内，逾期将依法缺席判决。

贵州省贵阳市云岩区人民法院

某某建筑工程有限公司：本院受理原告某劳务有限公司诉你公司劳务合同纠纷一案，现依法向你公司公告送达起诉状副本、应诉通知书、举证通知书、开庭传票。自公告之日起经过三十日即视为送达。答辩期及举证期为公告期满后十五日内，逾期将依法缺席判决。

广西壮族自治区南宁市青秀区人民法院

吴某某：本院受理原告某某诉你房屋租赁合同纠纷一案，因你下落不明，现依法向你公告送达起诉状副本、应诉通知书、举证通知书、开庭传票。自公告之日起经过三十日即视为送达。提出答辩状和举证的期限分别为公告期满后十五日内，逾期将依法缺席判决。

云南省昆明市五华区人民法院

某某置业有限公司：本院受理原告某某诉你公司商品房预售合同纠纷一案，依法向你公司公告送达起诉状副本、应诉通知书、举证通知书及开庭传票。自公告之日起经过三十日即视为送达。答辩期与举证期均为公告期满后十五日内，本案定于举证期满后第三日上午九时在本院公开开庭审理。

海南省海口市美兰区人民法院

郑某某：本院受理原告某保险股份有限公司诉你保险人代位求偿权纠纷一案，现依法向你公告送达起诉状副本、应诉通知书、举证通知书、开庭传票。自公告之日起经过三十日即视为送达，逾期将依法缺席判决。

湖南省株洲市荷塘区人民法院

新新科、万毅建工有限公司：本院受理原告某某诉你们建设工程施工合同纠纷一案，现依法向你们公告送达起诉状副本、应诉通知书、举证通知书、开庭传票。自公告之日起经过三十日即视为送达。提出答辩状和举证的期限分别为公告期满后十五日内，本案定于举证期满后第三日上午九时在本院公开开庭审理，逾期将依法缺席判决。

内蒙古自治区呼和浩特市新城区人民法院

某某某：本院受理原告某某诉你离婚纠纷一案，因你下落不明，依照《中华人民共和国民事诉讼法》第九十二条之规定，向你公告送达起诉状副本、应诉通知书、举证通知书及开庭传票。自公告之日起经过三十日即视为送达。答辩期为公告期满后十五日内，逾期将依法缺席判决。

大连市中山区人民法院

某某投资有限公司：本院受理原告某银行股份有限公司诉你公司金融借款合同纠纷一案，依法向你公司公告送达起诉状副本、应诉通知书、举证通知书、开庭传票。自公告之日起经过三十日即视为送达。提出答辩状和举证的期限为公告期满后十五日内，逾期将依法缺席判决。

吉林省长春市朝阳区人民法院

赵某某：本院受理原告某某诉你民间借贷纠纷一案，已审理终结。现依法向你公告送达本院民事判决书，自公告之日起经过三十日即视为送达。如不服本判决，可在判决书送达之日起十五日内向本院递交上诉状，上诉于河北省石家庄市中级人民法院。

河北省石家庄市新华区人民法院

某某贸易有限公司：本院受理原告某纺织品有限公司诉你公司买卖合同纠纷一案，现依法向你公司公告送达起诉状副本、应诉通知书、举证通知书及开庭传票。自公告之日起经过三十日即视为送达。答辩期与举证期均为公告期满后十五日内，逾期将依法缺席判决。

青海省西宁市城中区人民法院

孙某某、周某某：本院受理原告某农村信用合作联社诉你们借款合同纠纷一案，依法向你们公告送达起诉状副本、应诉通知书、举证通知书、开庭传票。自公告之日起经过三十日即视为送达。提出答辩状和举证期限为公告期满后十五日内，逾期将依法缺席判决。

贵州省贵阳市云岩区人民法院

某某建筑工程有限公司：本院受理原告某劳务有限公司诉你公司劳务合同纠纷一案，现依法向你公司公告送达起诉状副本、应诉通知书、举证通知书、开庭传票。自公告之日起经过三十日即视为送达。答辩期及举证期为公告期满后十五日内，逾期将依法缺席判决。

广西壮族自治区南宁市青秀区人民法院

吴某某：本院受理原告某某诉你房屋租赁合同纠纷一案，因你下落不明，现依法向你公告送达起诉状副本、应诉通知书、举证通知书、开庭传票。自公告之日起经过三十日即视为送达。提出答辩状和举证的期限分别为公告期满后十五日内，逾期将依法缺席判决。

云南省昆明市五华区人民法院

某某置业有限公司：本院受理原告某某诉你公司商品房预售合同纠纷一案，依法向你公司公告送达起诉状副本、应诉通知书、举证通知书及开庭传票。自公告之日起经过三十日即视为送达。答辩期与举证期均为公告期满后十五日内，本案定于举证期满后第三日上午九时在本院公开开庭审理。

海南省海口市美兰区人民法院

郑某某：本院受理原告某保险股份有限公司诉你保险人代位求偿权纠纷一案，现依法向你公告送达起诉状副本、应诉通知书、举证通知书、开庭传票。自公告之日起经过三十日即视为送达，逾期将依法缺席判决。

湖南省株洲市荷塘区人民法院

新新科、万毅建工有限公司：本院受理原告某某诉你们建设工程施工合同纠纷一案，现依法向你们公告送达起诉状副本、应诉通知书、举证通知书、开庭传票。自公告之日起经过三十日即视为送达。提出答辩状和举证的期限分别为公告期满后十五日内，本案定于举证期满后第三日上午九时在本院公开开庭审理，逾期将依法缺席判决。

内蒙古自治区呼和浩特市新城区人民法院

某某某：本院受理原告某某诉你离婚纠纷一案，因你下落不明，依照《中华人民共和国民事诉讼法》第九十二条之规定，向你公告送达起诉状副本、应诉通知书、举证通知书及开庭传票。自公告之日起经过三十日即视为送达。答辩期为公告期满后十五日内，逾期将依法缺席判决。

大连市中山区人民法院

某某投资有限公司：本院受理原告某银行股份有限公司诉你公司金融借款合同纠纷一案，依法向你公司公告送达起诉状副本、应诉通知书、举证通知书、开庭传票。自公告之日起经过三十日即视为送达。提出答辩状和举证的期限为公告期满后十五日内，逾期将依法缺席判决。

吉林省长春市朝阳区人民法院

赵某某：本院受理原告某某诉你民间借贷纠纷一案，已审理终结。现依法向你公告送达本院民事判决书，自公告之日起经过三十日即视为送达。如不服本判决，可在判决书送达之日起十五日内向本院递交上诉状，上诉于河北省石家庄市中级人民法院。

河北省石家庄市新华区人民法院

某某贸易有限公司：本院受理原告某纺织品有限公司诉你公司买卖合同纠纷一案，现依法向你公司公告送达起诉状副本、应诉通知书、举证通知书及开庭传票。自公告之日起经过三十日即视为送达。答辩期与举证期均为公告期满后十五日内，逾期将依法缺席判决。

青海省西宁市城中区人民法院

孙某某、周某某：本院受理原告某农村信用合作联社诉你们借款合同纠纷一案，依法向你们公告送达起诉状副本、应诉通知书、举证通知书、开庭传票。自公告之日起经过三十日即视为送达。提出答辩状和举证期限为公告期满后十五日内，逾期将依法缺席判决。

贵州省贵阳市云岩区人民法院

某某建筑工程有限公司：本院受理原告某劳务有限公司诉你公司劳务合同纠纷一案，现依法向你公司公告送达起诉状副本、应诉通知书、举证通知书、开庭传票。自公告之日起经过三十日即视为送达。答辩期及举证期为公告期满后十五日内，逾期将依法缺席判决。

广西壮族自治区南宁市青秀区人民法院

吴某某：本院受理原告某某诉你房屋租赁合同纠纷一案，因你下落不明，现依法向你公告送达起诉状副本、应诉通知书、举证通知书、开庭传票。自公告之日起经过三十日即视为送达。提出答辩状和举证的期限分别为公告期满后十五日内，逾期将依法缺席判决。

云南省昆明市五华区人民法院

某某置业有限公司：本院受理原告某某诉你公司商品房预售合同纠纷一案，依法向你公司公告送达起诉状副本、应诉通知书、举证通知书及开庭传票。自公告之日起经过三十日即视为送达。答辩期与举证期均为公告期满后十五日内，本案定于举证期满后第三日上午九时在本院公开开庭审理。

海南省海口市美兰区人民法院

郑某某：本院受理原告某保险股份有限公司诉你保险人代位求偿权纠纷一案，现依法向你公告送达起诉状副本、应诉通知书、举证通知书、开庭传票。自公告之日起经过三十日即视为送达，逾期将依法缺席判决。

湖南省株洲市荷塘区人民法院
公告专栏
遗失声明

北京某某科技有限公司遗失营业执照正本、副本，统一社会信用代码：9111************，声明作废。

某某某遗失身份证，证号：1101**************，声明作废。

北京某某商贸有限公司遗失公章、财务章各一枚，声明作废。

北京某某文化传媒有限公司遗失开户许可证，核准号：J1000***********，声明作废。

北京某某餐饮管理有限公司遗失食品经营许可证，许可证编号：JY1110***********，声明作废。

北京某某建筑装饰工程有限公司遗失建筑业企业资质证书正本、副本，声明作废。

某某某遗失出生医学证明，编号：O11*******，声明作废。

减资公告

北京某某信息技术有限公司经股东会决议，公司注册资本由人民币1000万元减少至人民币100万元，请债权人自本公告发布之日起四十五日内向本公司申报债权。特此公告。

北京某某投资咨询有限公司经股东决定，注册资本由人民币5000万元减少至人民币500万元，债权人可自公告之日起四十五日内要求本公司清偿债务或提供相应担保。特此公告。

北京某某企业管理有限公司经股东会决议拟向公司登记机关申请注销登记，清算组已成立，请债权人自本公告发布之日起四十五日内向清算组申报债权。特此公告。

注销公告

北京某某教育咨询有限公司经股东决定解散，清算组已成立，请债权人于本公告发布之日起四十五日内向清算组申报债权。联系人：某某某。特此公告。

北京某某物业管理有限公司经股东会决议，拟将注册资本由人民币2000万元减少至人民币200万元，请有关债权人于公告之日起四十五日内向本公司提出清偿债务或提供担保的要求。特此公告。

北京某某科技有限公司遗失营业执照正本、副本，统一社会信用代码：9111************，声明作废。

某某某遗失身份证，证号：1101**************，声明作废。

北京某某商贸有限公司遗失公章、财务章各一枚，声明作废。

北京某某文化传媒有限公司遗失开户许可证，核准号：J1000***********，声明作废。

北京某某餐饮管理有限公司遗失食品经营许可证，许可证编号：JY1110***********，声明作废。

北京某某建筑装饰工程有限公司遗失建筑业企业资质证书正本、副本，声明作废。

某某某遗失出生医学证明，编号：O11*******，声明作废。

北京某某信息技术有限公司经股东会决议，公司注册资本由人民币1000万元减少至人民币100万元，请债权人自本公告发布之日起四十五日内向本公司申报债权。特此公告。

北京某某投资咨询有限公司经股东决定，注册资本由人民币5000万元减少至人民币500万元，债权人可自公告之日起四十五日内要求本公司清偿债务或提供相应担保。特此公告。

北京某某企业管理有限公司经股东会决议拟向公司登记机关申请注销登记，清算组已成立，请债权人自本公告发布之日起四十五日内向清算组申报债权。特此公告。

北京某某教育咨询有限公司经股东决定解散，清算组已成立，请债权人于本公告发布之日起四十五日内向清算组申报债权。联系人：某某某。特此公告。

北京某某物业管理有限公司经股东会决议，拟将注册资本由人民币2000万元减少至人民币200万元，请有关债权人于公告之日起四十五日内向本公司提出清偿债务或提供担保的要求。特此公告。

北京某某科技有限公司遗失营业执照正本、副本，统一社会信用代码：9111************，声明作废。

某某某遗失身份证，证号：1101**************，声明作废。

北京某某商贸有限公司遗失公章、财务章各一枚，声明作废。

北京某某文化传媒有限公司遗失开户许可证，核准号：J1000***********，声明作废。

北京某某餐饮管理有限公司遗失食品经营许可证，许可证编号：JY1110***********，声明作废。

北京某某建筑装饰工程有限公司遗失建筑业企业资质证书正本、副本，声明作废。

某某某遗失出生医学证明，编号：O11*******，声明作废。

北京某某信息技术有限公司经股东会决议，公司注册资本由人民币1000万元减少至人民币100万元，请债权人自本公告发布之日起四十五日内向本公司申报债权。特此公告。

北京某某投资咨询有限公司经股东决定，注册资本由人民币5000万元减少至人民币500万元，债权人可自公告之日起四十五日内要求本公司清偿债务或提供相应担保。特此公告。

北京某某企业管理有限公司经股东会决议拟向公司登记机关申请注销登记，清算组已成立，请债权人自本公告发布之日起四十五日内向清算组申报债权。特此公告。

北京某某教育咨询有限公司经股东决定解散，清算组已成立，请债权人于本公告发布之日起四十五日内向清算组申报债权。联系人：某某某。特此公告。

北京某某物业管理有限公司经股东会决议，拟将注册资本由人民币2000万元减少至人民币200万元，请有关债权人于公告之日起四十五日内向本公司提出清偿债务或提供担保的要求。特此公告。

北京某某科技有限公司遗失营业执照正本、副本，统一社会信用代码：9111************，声明作废。

某某某遗失身份证，证号：1101**************，声明作废。

北京某某商贸有限公司遗失公章、财务章各一枚，声明作废。

北京某某文化传媒有限公司遗失开户许可证，核准号：J1000***********，声明作废。

北京某某餐饮管理有限公司遗失食品经营许可证，许可证编号：JY1110***********，声明作废。

北京某某建筑装饰工程有限公司遗失建筑业企业资质证书正本、副本，声明作废。

某某某遗失出生医学证明，编号：O11*******，声明作废。

北京某某信息技术有限公司经股东会决议，公司注册资本由人民币1000万元减少至人民币100万元，请债权人自本公告发布之日起四十五日内向本公司申报债权。特此公告。

北京某某投资咨询有限公司经股东决定，注册资本由人民币5000万元减少至人民币500万元，债权人可自公告之日起四十五日内要求本公司清偿债务或提供相应担保。特此公告。

北京某某企业管理有限公司经股东会决议拟向公司登记机关申请注销登记，清算组已成立，请债权人自本公告发布之日起四十五日内向清算组申报债权。特此公告。

北京某某教育咨询有限公司经股东决定解散，清算组已成立，请债权人于本公告发布之日起四十五日内向清算组申报债权。联系人：某某某。特此公告。

北京某某物业管理有限公司经股东会决议，拟将注册资本由人民币2000万元减少至人民币200万元，请有关债权人于公告之日起四十五日内向本公司提出清偿债务或提供担保的要求。特此公告。
